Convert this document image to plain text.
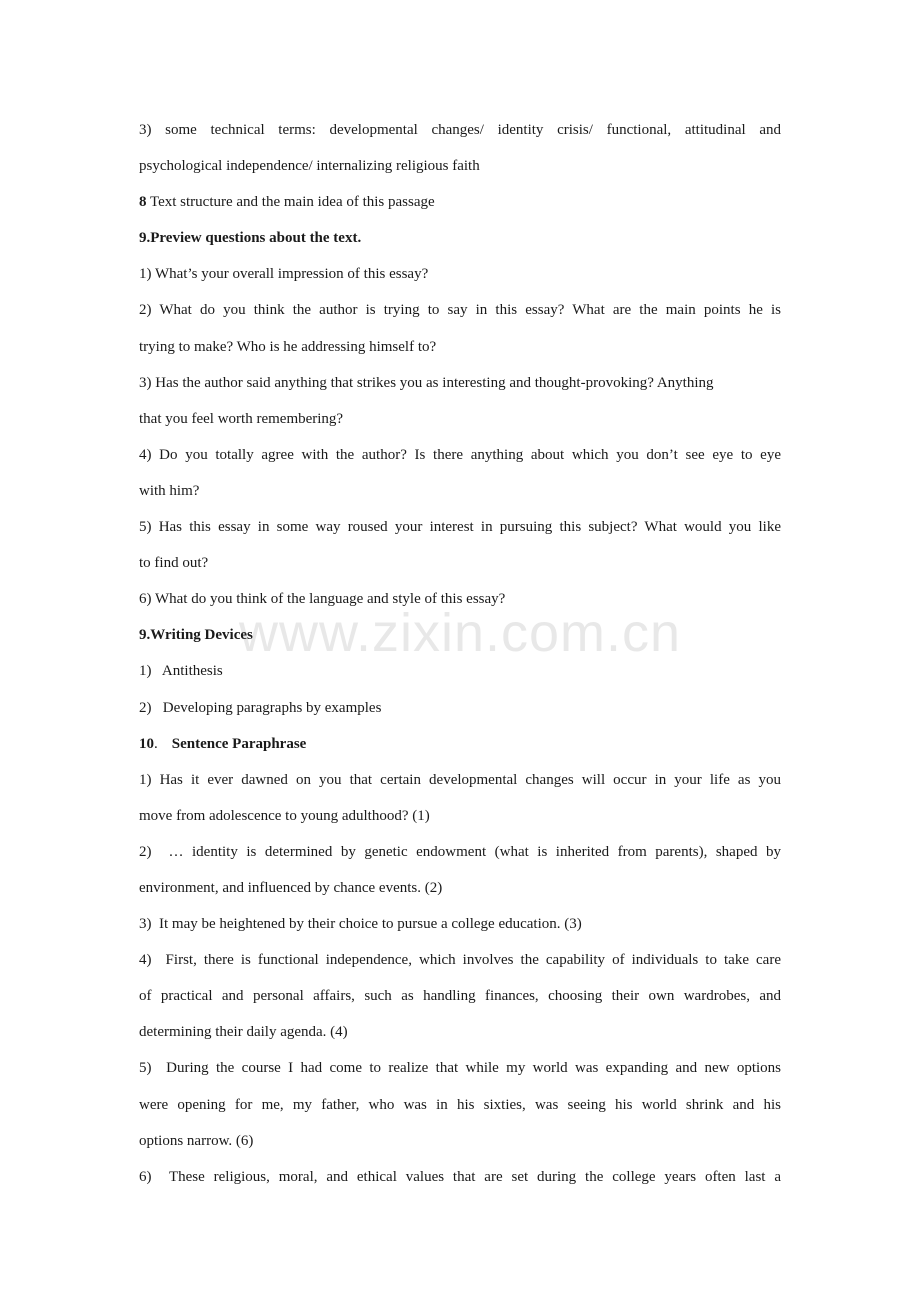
3) some technical terms: developmental changes/ identity crisis/ functional, attitudinal and
psychological independence/ internalizing religious faith
8 Text structure and the main idea of this passage
9.Preview questions about the text.
1) What’s your overall impression of this essay?
2) What do you think the author is trying to say in this essay? What are the main points he is
trying to make? Who is he addressing himself to?
3) Has the author said anything that strikes you as interesting and thought-provoking? Anything
that you feel worth remembering?
4) Do you totally agree with the author? Is there anything about which you don’t see eye to eye
with him?
5) Has this essay in some way roused your interest in pursuing this subject? What would you like
to find out?
6) What do you think of the language and style of this essay?
9.Writing Devices
1)   Antithesis
2)   Developing paragraphs by examples
10. Sentence Paraphrase
1) Has it ever dawned on you that certain developmental changes will occur in your life as you
move from adolescence to young adulthood? (1)
2)  … identity is determined by genetic endowment (what is inherited from parents), shaped by
environment, and influenced by chance events. (2)
3)  It may be heightened by their choice to pursue a college education. (3)
4)  First, there is functional independence, which involves the capability of individuals to take care
of practical and personal affairs, such as handling finances, choosing their own wardrobes, and
determining their daily agenda. (4)
5)  During the course I had come to realize that while my world was expanding and new options
were opening for me, my father, who was in his sixties, was seeing his world shrink and his
options narrow. (6)
6)  These religious, moral, and ethical values that are set during the college years often last a
www.zixin.com.cn
